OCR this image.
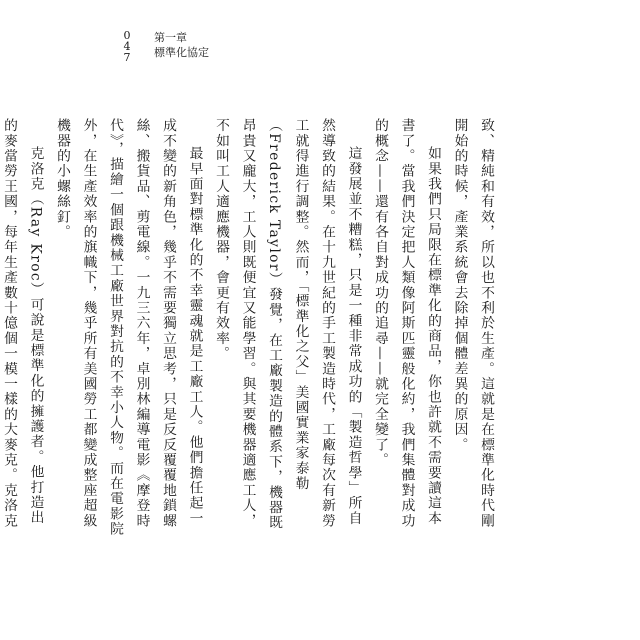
0
4
7
第一章
標準化協定

致、精純和有效，所以也不利於生產。這就是在標準化時代剛開始的時候，產業系統會去除掉個體差異的原因。

如果我們只局限在標準化的商品，你也許就不需要讀這本書了。當我們決定把人類像阿斯匹靈般化約，我們集體對成功的概念——還有各自對成功的追尋——就完全變了。

這發展並不糟糕，只是一種非常成功的「製造哲學」所自然導致的結果。在十九世紀的手工製造時代，工廠每次有新勞工就得進行調整。然而，「標準化之父」美國實業家泰勒（Frederick Taylor）發覺，在工廠製造的體系下，機器既昂貴又龐大，工人則既便宜又能學習。與其要機器適應工人，不如叫工人適應機器，會更有效率。

最早面對標準化的不幸靈魂就是工廠工人。他們擔任起一成不變的新角色，幾乎不需要獨立思考，只是反反覆覆地鎖螺絲、搬貨品、剪電線。一九三六年，卓別林編導電影《摩登時代》，描繪一個跟機械工廠世界對抗的不幸小人物。而在電影院外，在生產效率的旗幟下，幾乎所有美國勞工都變成整座超級機器的小螺絲釘。

克洛克（Ray Kroc）可說是標準化的擁護者。他打造出的麥當勞王國，每年生產數十億個一模一樣的大麥克。克洛克
